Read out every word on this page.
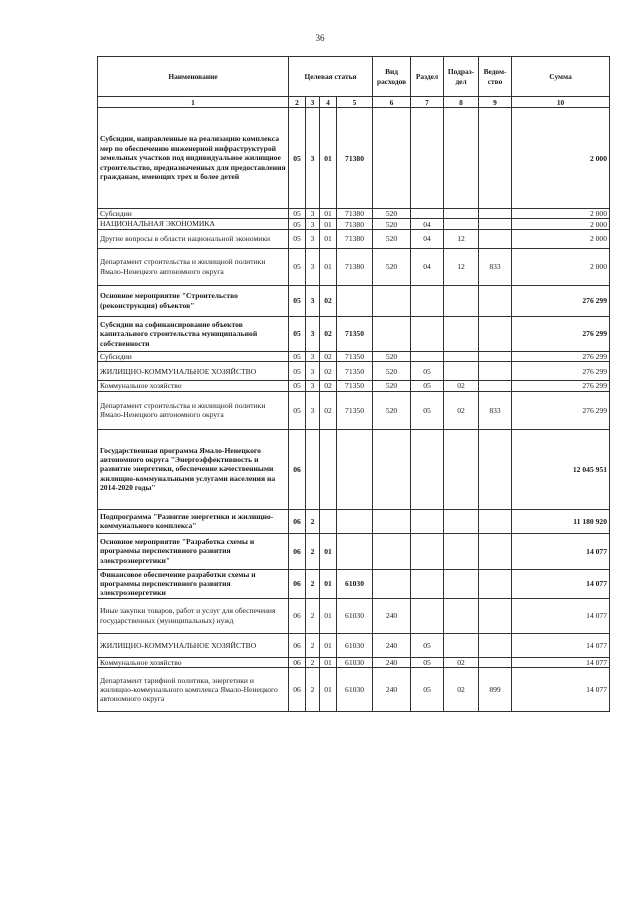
36
Наименование	Целевая статья				Вид расходов	Раздел	Подраз-дел	Ведом-ство	Сумма
1	2	3	4	5	6	7	8	9	10
Субсидии, направленные на реализацию комплекса мер по обеспечению инженерной инфраструктурой земельных участков под индивидуальное жилищное строительство, предназначенных для предоставления гражданам, имеющих трех и более детей	05	3	01	71380					2 000
Субсидии	05	3	01	71380	520				2 000
НАЦИОНАЛЬНАЯ ЭКОНОМИКА	05	3	01	71380	520	04			2 000
Другие вопросы в области национальной экономики	05	3	01	71380	520	04	12		2 000
Департамент строительства и жилищной политики Ямало-Ненецкого автономного округа	05	3	01	71380	520	04	12	833	2 000
Основное мероприятие "Строительство (реконструкция) объектов"	05	3	02						276 299
Субсидии на софинансирование объектов капитального строительства муниципальной собственности	05	3	02	71350					276 299
Субсидии	05	3	02	71350	520				276 299
ЖИЛИЩНО-КОММУНАЛЬНОЕ ХОЗЯЙСТВО	05	3	02	71350	520	05			276 299
Коммунальное хозяйство	05	3	02	71350	520	05	02		276 299
Департамент строительства и жилищной политики Ямало-Ненецкого автономного округа	05	3	02	71350	520	05	02	833	276 299
Государственная программа Ямало-Ненецкого автономного округа "Энергоэффективность и развитие энергетики, обеспечение качественными жилищно-коммунальными услугами населения на 2014-2020 годы"	06								12 045 951
Подпрограмма "Развитие энергетики и жилищно-коммунального комплекса"	06	2							11 180 920
Основное мероприятие "Разработка схемы и программы перспективного развития электроэнергетики"	06	2	01						14 077
Финансовое обеспечение разработки схемы и программы перспективного развития электроэнергетики	06	2	01	61030					14 077
Иные закупки товаров, работ и услуг для обеспечения государственных (муниципальных) нужд	06	2	01	61030	240				14 077
ЖИЛИЩНО-КОММУНАЛЬНОЕ ХОЗЯЙСТВО	06	2	01	61030	240	05			14 077
Коммунальное хозяйство	06	2	01	61030	240	05	02		14 077
Департамент тарифной политики, энергетики и жилищно-коммунального комплекса Ямало-Ненецкого автономного округа	06	2	01	61030	240	05	02	899	14 077
